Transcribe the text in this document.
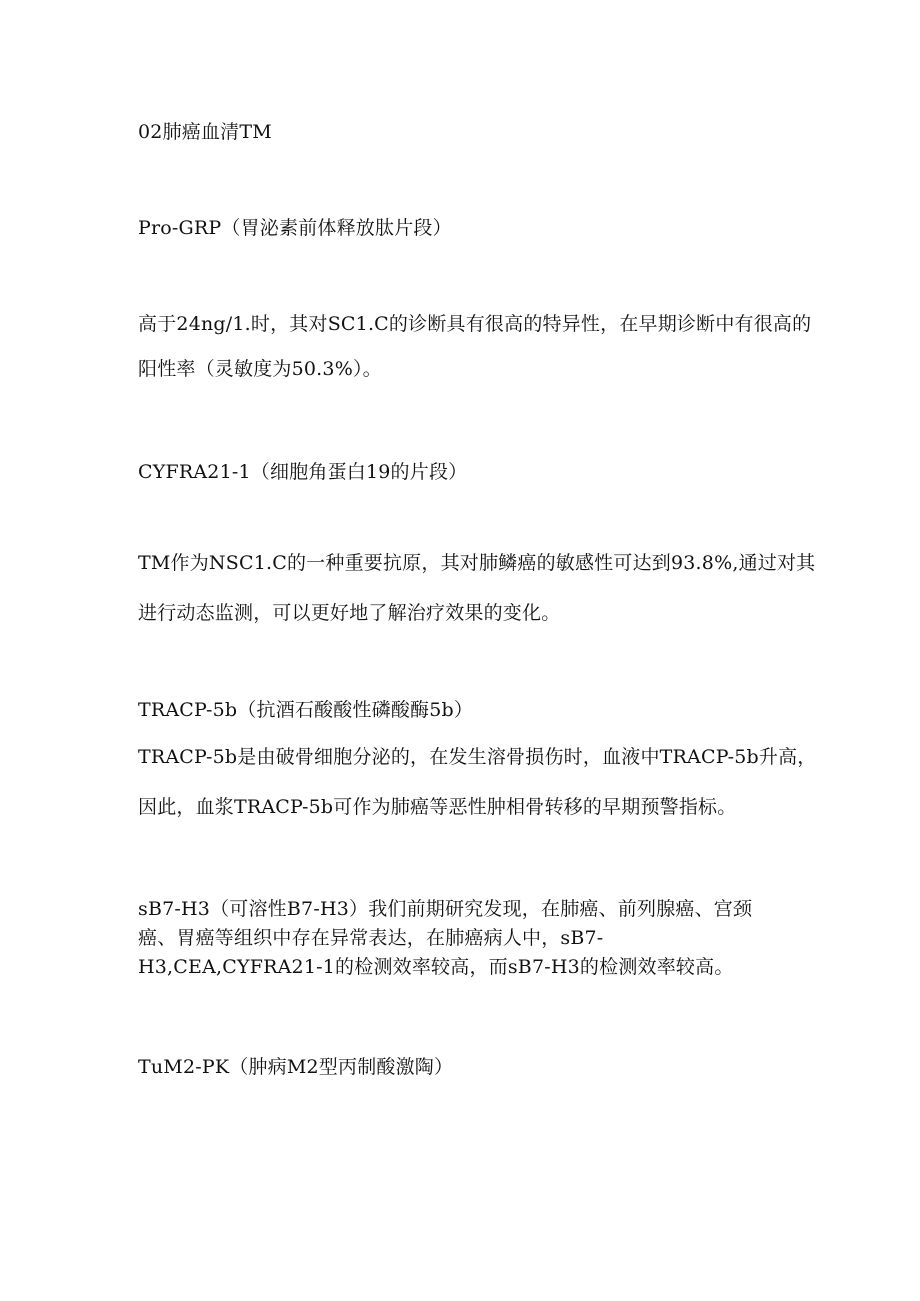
02肺癌血清TM
Pro-GRP（胃泌素前体释放肽片段）
高于24ng/1.时，其对SC1.C的诊断具有很高的特异性，在早期诊断中有很高的
阳性率（灵敏度为50.3%）。
CYFRA21-1（细胞角蛋白19的片段）
TM作为NSC1.C的一种重要抗原，其对肺鳞癌的敏感性可达到93.8%,通过对其
进行动态监测，可以更好地了解治疗效果的变化。
TRACP-5b（抗酒石酸酸性磷酸酶5b）
TRACP-5b是由破骨细胞分泌的，在发生溶骨损伤时，血液中TRACP-5b升高，
因此，血浆TRACP-5b可作为肺癌等恶性肿相骨转移的早期预警指标。
sB7-H3（可溶性B7-H3）我们前期研究发现，在肺癌、前列腺癌、宫颈
癌、胃癌等组织中存在异常表达，在肺癌病人中，sB7-
H3,CEA,CYFRA21-1的检测效率较高，而sB7-H3的检测效率较高。
TuM2-PK（肿病M2型丙制酸激陶）
